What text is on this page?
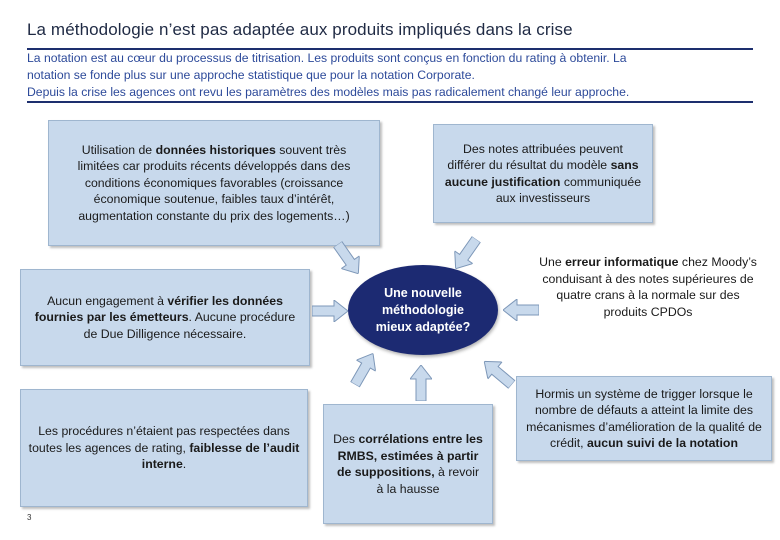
La méthodologie n’est pas adaptée aux produits impliqués dans la crise
La notation est au cœur du processus de titrisation. Les produits sont conçus en fonction du rating à obtenir. La
notation se fonde plus sur une approche statistique que pour la notation Corporate.
Depuis la crise les agences ont revu les paramètres des modèles mais pas radicalement changé leur approche.
Utilisation de données historiques souvent très limitées car produits récents développés dans des conditions économiques favorables (croissance économique soutenue, faibles taux d’intérêt, augmentation constante du prix des logements…)
Des notes attribuées peuvent différer du résultat du modèle sans aucune justification communiquée aux investisseurs
Aucun engagement à vérifier les données fournies par les émetteurs. Aucune procédure de Due Dilligence nécessaire.
Une nouvelle
méthodologie
mieux adaptée?
Une erreur informatique chez Moody’s conduisant à des notes supérieures de quatre crans à la normale sur des produits CPDOs
Les procédures n’étaient pas respectées dans toutes les agences de rating, faiblesse de l’audit interne.
Des corrélations entre les RMBS, estimées à partir de suppositions, à revoir à la hausse
Hormis un système de trigger lorsque le nombre de défauts a atteint la limite des mécanismes d’amélioration de la qualité de crédit, aucun suivi de la notation
3
